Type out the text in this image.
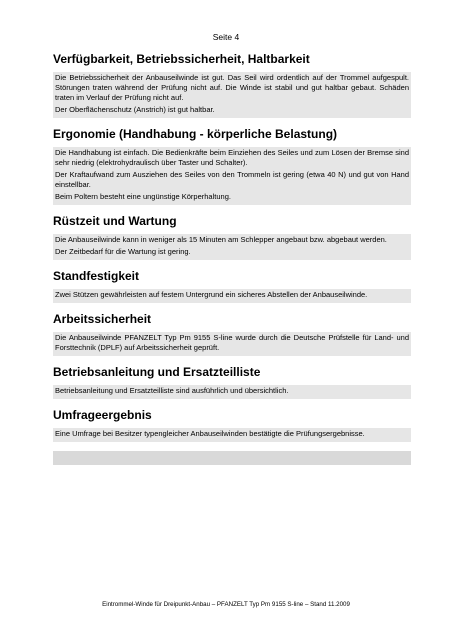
Seite 4
Verfügbarkeit, Betriebssicherheit, Haltbarkeit

Die Betriebssicherheit der Anbauseilwinde ist gut. Das Seil wird ordentlich auf der Trommel aufgespult. Störungen traten während der Prüfung nicht auf. Die Winde ist stabil und gut haltbar gebaut. Schäden traten im Verlauf der Prüfung nicht auf.

Der Oberflächenschutz (Anstrich) ist gut haltbar.

Ergonomie (Handhabung - körperliche Belastung)

Die Handhabung ist einfach. Die Bedienkräfte beim Einziehen des Seiles und zum Lösen der Bremse sind sehr niedrig (elektrohydraulisch über Taster und Schalter).

Der Kraftaufwand zum Ausziehen des Seiles von den Trommeln ist gering (etwa 40 N) und gut von Hand einstellbar.

Beim Poltern besteht eine ungünstige Körperhaltung.

Rüstzeit und Wartung

Die Anbauseilwinde kann in weniger als 15 Minuten am Schlepper angebaut bzw. abgebaut werden.

Der Zeitbedarf für die Wartung ist gering.

Standfestigkeit

Zwei Stützen gewährleisten auf festem Untergrund ein sicheres Abstellen der Anbauseilwinde.

Arbeitssicherheit

Die Anbauseilwinde PFANZELT Typ Pm 9155 S-line wurde durch die Deutsche Prüfstelle für Land- und Forsttechnik (DPLF) auf Arbeitssicherheit geprüft.

Betriebsanleitung und Ersatzteilliste

Betriebsanleitung und Ersatzteilliste sind ausführlich und übersichtlich.

Umfrageergebnis

Eine Umfrage bei Besitzer typengleicher Anbauseilwinden bestätigte die Prüfungsergebnisse.

Eintrommel-Winde für Dreipunkt-Anbau – PFANZELT Typ Pm 9155 S-line – Stand 11.2009
